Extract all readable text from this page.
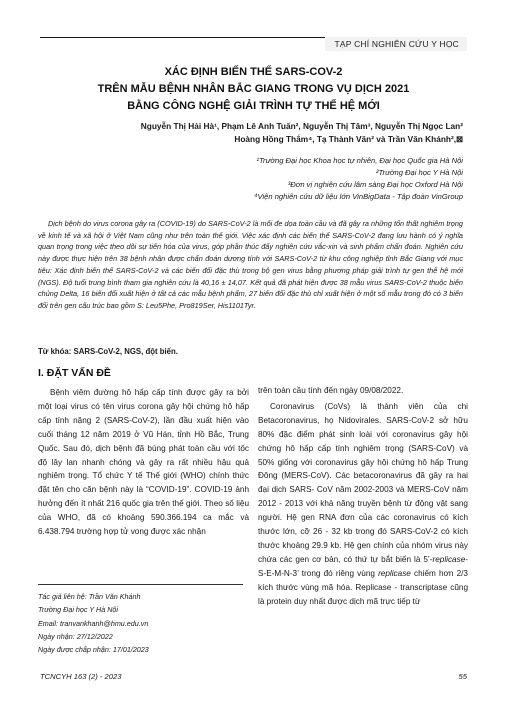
TẠP CHÍ NGHIÊN CỨU Y HỌC
XÁC ĐỊNH BIẾN THỂ SARS-COV-2
TRÊN MẪU BỆNH NHÂN BẮC GIANG TRONG VỤ DỊCH 2021
BẰNG CÔNG NGHỆ GIẢI TRÌNH TỰ THẾ HỆ MỚI
Nguyễn Thị Hải Hà¹, Phạm Lê Anh Tuấn², Nguyễn Thị Tâm³, Nguyễn Thị Ngọc Lan²
Hoàng Hồng Thắm⁴, Tạ Thành Văn² và Trần Văn Khánh²,⊠
¹Trường Đại học Khoa học tự nhiên, Đại học Quốc gia Hà Nội
²Trường Đại học Y Hà Nội
³Đơn vị nghiên cứu lâm sàng Đại học Oxford Hà Nội
⁴Viện nghiên cứu dữ liệu lớn VinBigData - Tập đoàn VinGroup
Dịch bệnh do virus corona gây ra (COVID-19) do SARS-CoV-2 là mối đe dọa toàn cầu và đã gây ra những tổn thất nghiêm trọng về kinh tế và xã hội ở Việt Nam cũng như trên toàn thế giới. Việc xác định các biến thể SARS-CoV-2 đang lưu hành có ý nghĩa quan trọng trong việc theo dõi sự tiến hóa của virus, góp phần thúc đẩy nghiên cứu vắc-xin và sinh phẩm chẩn đoán. Nghiên cứu này được thực hiện trên 38 bệnh nhân được chẩn đoán dương tính với SARS-CoV-2 từ khu công nghiệp tỉnh Bắc Giang với mục tiêu: Xác định biến thể SARS-CoV-2 và các biến đổi đặc thù trong bộ gen virus bằng phương pháp giải trình tự gen thế hệ mới (NGS). Độ tuổi trung bình tham gia nghiên cứu là 40,16 ± 14,07. Kết quả đã phát hiện được 38 mẫu virus SARS-CoV-2 thuộc biến chủng Delta, 16 biến đổi xuất hiện ở tất cả các mẫu bệnh phẩm, 27 biến đổi đặc thù chỉ xuất hiện ở một số mẫu trong đó có 3 biến đổi trên gen cấu trúc bao gồm S: Leu5Phe, Pro819Ser, His1101Tyr.
Từ khóa: SARS-CoV-2, NGS, đột biến.
I. ĐẶT VẤN ĐỀ

Bệnh viêm đường hô hấp cấp tính được gây ra bởi một loại virus có tên virus corona gây hội chứng hô hấp cấp tính nặng 2 (SARS-CoV-2), lần đầu xuất hiện vào cuối tháng 12 năm 2019 ở Vũ Hán, tỉnh Hồ Bắc, Trung Quốc. Sau đó, dịch bệnh đã bùng phát toàn cầu với tốc độ lây lan nhanh chóng và gây ra rất nhiều hậu quả nghiêm trọng. Tổ chức Y tế Thế giới (WHO) chính thức đặt tên cho căn bệnh này là “COVID-19”. COVID-19 ảnh hưởng đến ít nhất 216 quốc gia trên thế giới. Theo số liệu của WHO, đã có khoảng 590.366.194 ca mắc và 6.438.794 trường hợp tử vong được xác nhận

trên toàn cầu tính đến ngày 09/08/2022.

Coronavirus (CoVs) là thành viên của chi Betacoronavirus, họ Nidovirales. SARS-CoV-2 sở hữu 80% đặc điểm phát sinh loài với coronavirus gây hội chứng hô hấp cấp tính nghiêm trọng (SARS-CoV) và 50% giống với coronavirus gây hội chứng hô hấp Trung Đông (MERS-CoV). Các betacoronavirus đã gây ra hai đại dịch SARS- CoV năm 2002-2003 và MERS-CoV năm 2012 - 2013 với khả năng truyền bệnh từ động vật sang người. Hệ gen RNA đơn của các coronavirus có kích thước lớn, cỡ 26 - 32 kb trong đó SARS-CoV-2 có kích thước khoảng 29.9 kb. Hệ gen chính của nhóm virus này chứa các gen cơ bản, có thứ tự bắt biến là 5’-replicase-S-E-M-N-3’ trong đó riêng vùng replicase chiếm hơn 2/3 kích thước vùng mã hóa. Replicase - transcriptase cũng là protein duy nhất được dịch mã trực tiếp từ

Tác giả liên hệ: Trần Văn Khánh
Trường Đại học Y Hà Nội
Email: tranvankhanh@hmu.edu.vn
Ngày nhận: 27/12/2022
Ngày được chấp nhận: 17/01/2023
TCNCYH 163 (2) - 2023	55
